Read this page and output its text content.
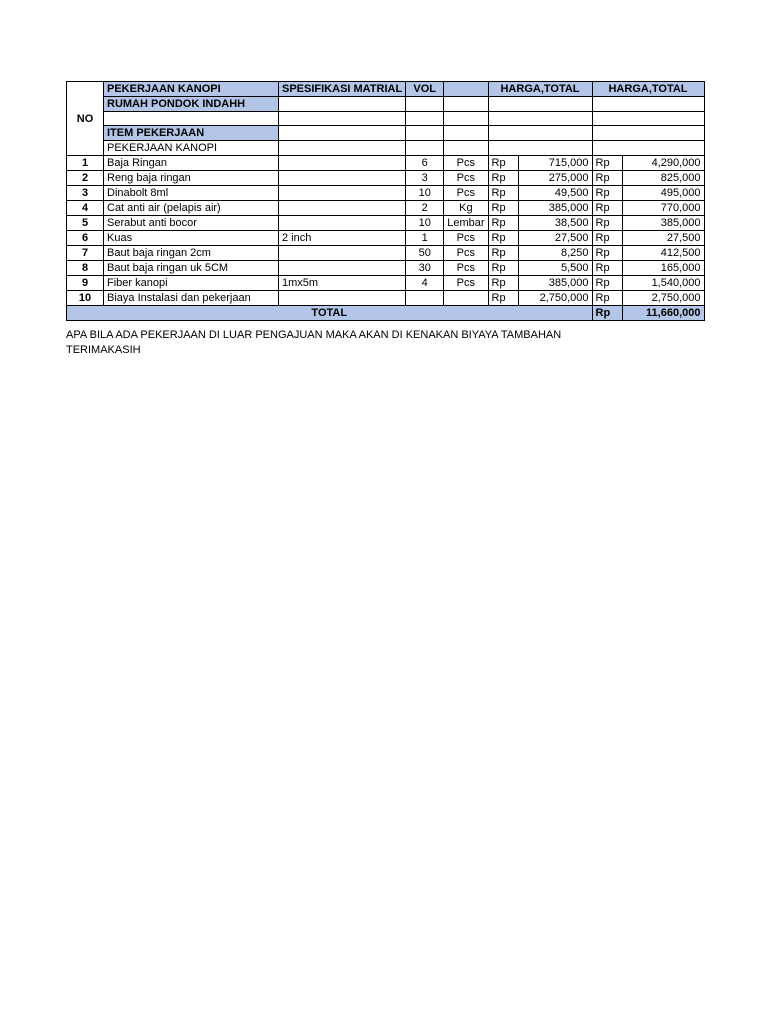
NO	PEKERJAAN KANOPI	SPESIFIKASI MATRIAL	VOL		HARGA,TOTAL		HARGA,TOTAL	
	RUMAH PONDOK INDAHH							

	ITEM PEKERJAAN							
	PEKERJAAN KANOPI							
1	Baja Ringan		6	Pcs	Rp	715,000	Rp	4,290,000
2	Reng baja ringan		3	Pcs	Rp	275,000	Rp	825,000
3	Dinabolt 8ml		10	Pcs	Rp	49,500	Rp	495,000
4	Cat anti air (pelapis air)		2	Kg	Rp	385,000	Rp	770,000
5	Serabut anti bocor		10	Lembar	Rp	38,500	Rp	385,000
6	Kuas	2 inch	1	Pcs	Rp	27,500	Rp	27,500
7	Baut baja ringan 2cm		50	Pcs	Rp	8,250	Rp	412,500
8	Baut baja ringan uk 5CM		30	Pcs	Rp	5,500	Rp	165,000
9	Fiber kanopi	1mx5m	4	Pcs	Rp	385,000	Rp	1,540,000
10	Biaya Instalasi dan pekerjaan				Rp	2,750,000	Rp	2,750,000
TOTAL							Rp	11,660,000
APA BILA ADA PEKERJAAN DI LUAR PENGAJUAN MAKA AKAN DI KENAKAN BIYAYA TAMBAHAN
TERIMAKASIH
